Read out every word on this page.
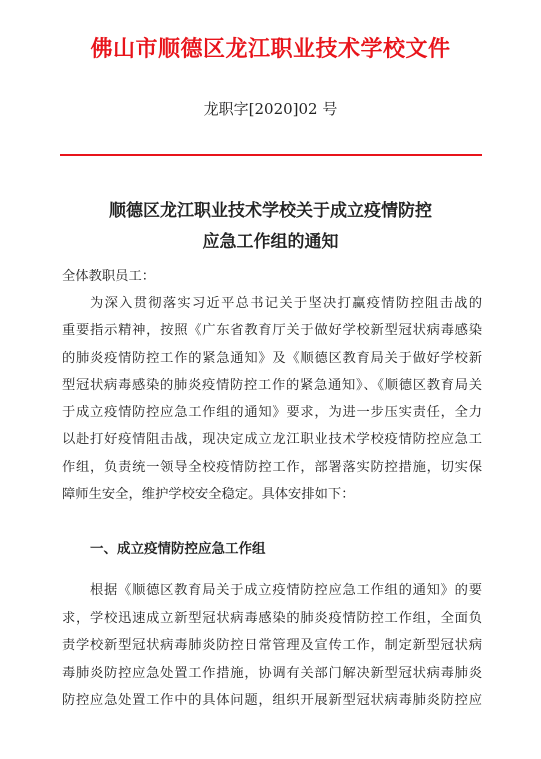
佛山市顺德区龙江职业技术学校文件
龙职字[2020]02 号
顺德区龙江职业技术学校关于成立疫情防控
应急工作组的通知
全体教职员工：
为深入贯彻落实习近平总书记关于坚决打赢疫情防控阻击战的
重要指示精神，按照《广东省教育厅关于做好学校新型冠状病毒感染
的肺炎疫情防控工作的紧急通知》及《顺德区教育局关于做好学校新
型冠状病毒感染的肺炎疫情防控工作的紧急通知》、《顺德区教育局关
于成立疫情防控应急工作组的通知》要求，为进一步压实责任，全力
以赴打好疫情阻击战，现决定成立龙江职业技术学校疫情防控应急工
作组，负责统一领导全校疫情防控工作，部署落实防控措施，切实保
障师生安全，维护学校安全稳定。具体安排如下：
一、成立疫情防控应急工作组
根据《顺德区教育局关于成立疫情防控应急工作组的通知》的要
求，学校迅速成立新型冠状病毒感染的肺炎疫情防控工作组，全面负
责学校新型冠状病毒肺炎防控日常管理及宣传工作，制定新型冠状病
毒肺炎防控应急处置工作措施，协调有关部门解决新型冠状病毒肺炎
防控应急处置工作中的具体问题，组织开展新型冠状病毒肺炎防控应
